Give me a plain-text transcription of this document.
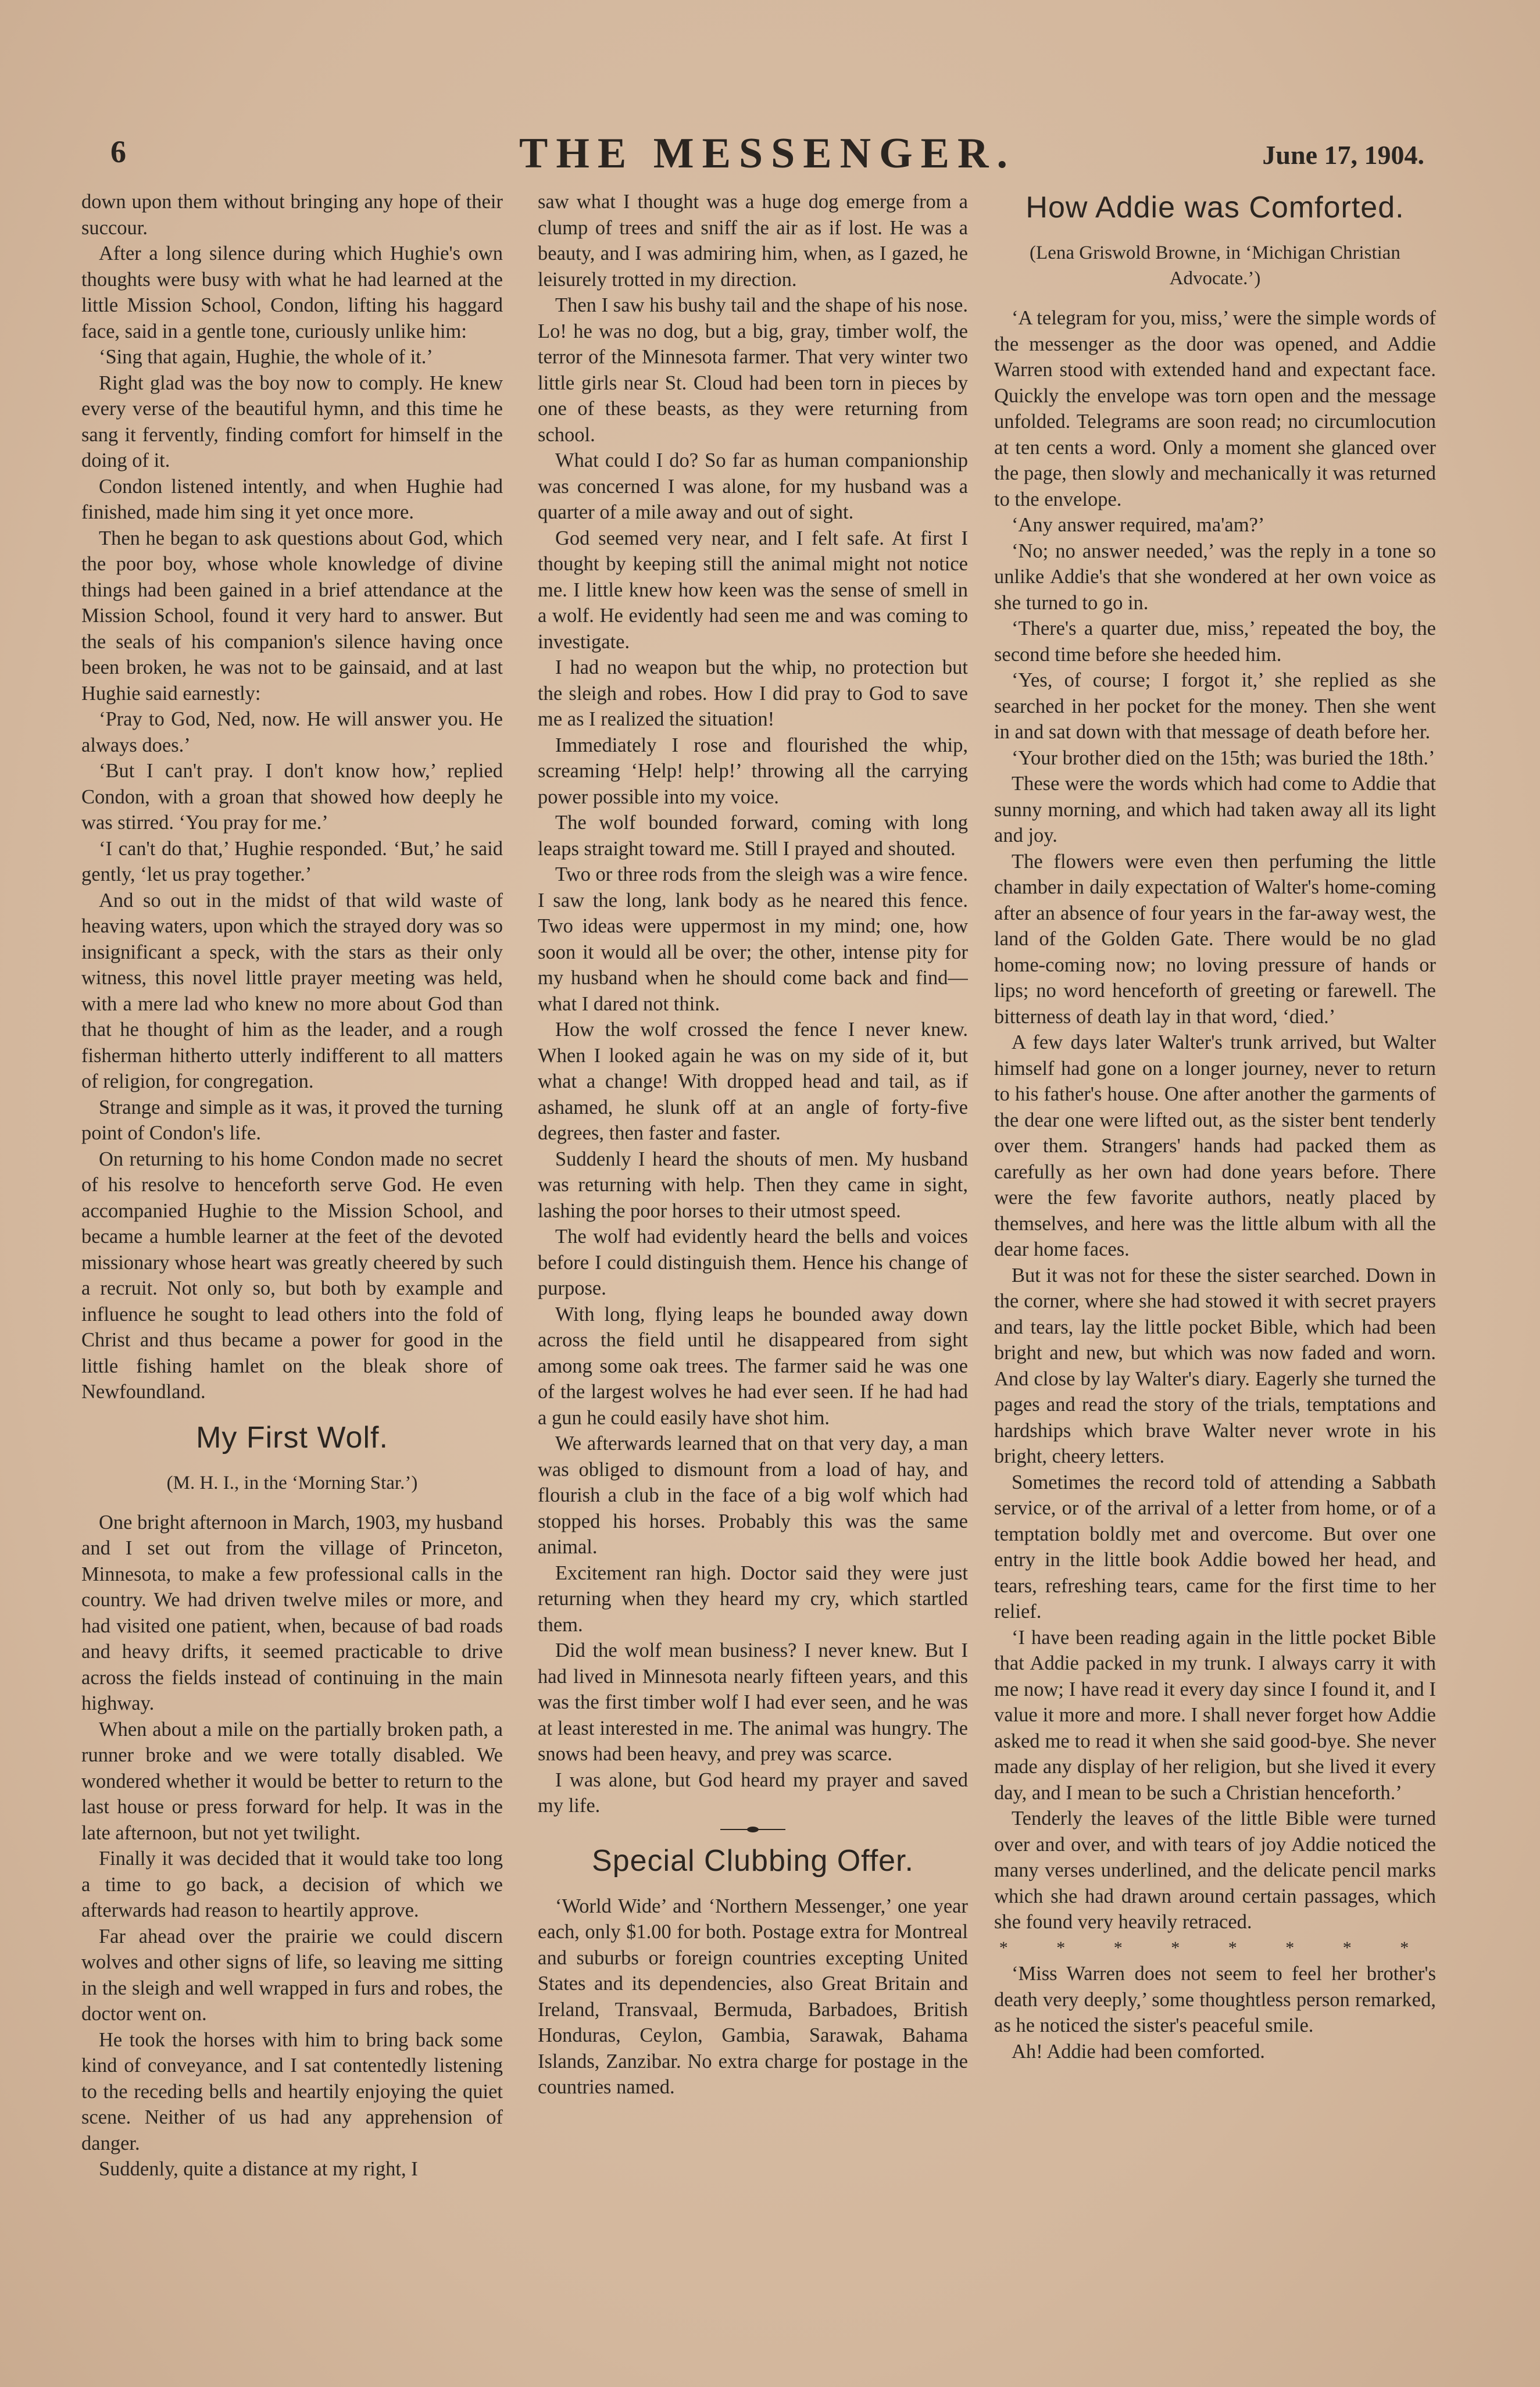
6	THE MESSENGER.	June 17, 1904.

down upon them without bringing any hope of their succour.

After a long silence during which Hughie's own thoughts were busy with what he had learned at the little Mission School, Condon, lifting his haggard face, said in a gentle tone, curiously unlike him:

‘Sing that again, Hughie, the whole of it.’

Right glad was the boy now to comply. He knew every verse of the beautiful hymn, and this time he sang it fervently, finding comfort for himself in the doing of it.

Condon listened intently, and when Hughie had finished, made him sing it yet once more.

Then he began to ask questions about God, which the poor boy, whose whole knowledge of divine things had been gained in a brief attendance at the Mission School, found it very hard to answer. But the seals of his companion's silence having once been broken, he was not to be gainsaid, and at last Hughie said earnestly:

‘Pray to God, Ned, now. He will answer you. He always does.’

‘But I can't pray. I don't know how,’ replied Condon, with a groan that showed how deeply he was stirred. ‘You pray for me.’

‘I can't do that,’ Hughie responded. ‘But,’ he said gently, ‘let us pray together.’

And so out in the midst of that wild waste of heaving waters, upon which the strayed dory was so insignificant a speck, with the stars as their only witness, this novel little prayer meeting was held, with a mere lad who knew no more about God than that he thought of him as the leader, and a rough fisherman hitherto utterly indifferent to all matters of religion, for congregation.

Strange and simple as it was, it proved the turning point of Condon's life.

On returning to his home Condon made no secret of his resolve to henceforth serve God. He even accompanied Hughie to the Mission School, and became a humble learner at the feet of the devoted missionary whose heart was greatly cheered by such a recruit. Not only so, but both by example and influence he sought to lead others into the fold of Christ and thus became a power for good in the little fishing hamlet on the bleak shore of Newfoundland.

My First Wolf.
(M. H. I., in the ‘Morning Star.’)

One bright afternoon in March, 1903, my husband and I set out from the village of Princeton, Minnesota, to make a few professional calls in the country. We had driven twelve miles or more, and had visited one patient, when, because of bad roads and heavy drifts, it seemed practicable to drive across the fields instead of continuing in the main highway.

When about a mile on the partially broken path, a runner broke and we were totally disabled. We wondered whether it would be better to return to the last house or press forward for help. It was in the late afternoon, but not yet twilight.

Finally it was decided that it would take too long a time to go back, a decision of which we afterwards had reason to heartily approve.

Far ahead over the prairie we could discern wolves and other signs of life, so leaving me sitting in the sleigh and well wrapped in furs and robes, the doctor went on.

He took the horses with him to bring back some kind of conveyance, and I sat contentedly listening to the receding bells and heartily enjoying the quiet scene. Neither of us had any apprehension of danger.

Suddenly, quite a distance at my right, I

saw what I thought was a huge dog emerge from a clump of trees and sniff the air as if lost. He was a beauty, and I was admiring him, when, as I gazed, he leisurely trotted in my direction.

Then I saw his bushy tail and the shape of his nose. Lo! he was no dog, but a big, gray, timber wolf, the terror of the Minnesota farmer. That very winter two little girls near St. Cloud had been torn in pieces by one of these beasts, as they were returning from school.

What could I do? So far as human companionship was concerned I was alone, for my husband was a quarter of a mile away and out of sight.

God seemed very near, and I felt safe. At first I thought by keeping still the animal might not notice me. I little knew how keen was the sense of smell in a wolf. He evidently had seen me and was coming to investigate.

I had no weapon but the whip, no protection but the sleigh and robes. How I did pray to God to save me as I realized the situation!

Immediately I rose and flourished the whip, screaming ‘Help! help!’ throwing all the carrying power possible into my voice.

The wolf bounded forward, coming with long leaps straight toward me. Still I prayed and shouted.

Two or three rods from the sleigh was a wire fence. I saw the long, lank body as he neared this fence. Two ideas were uppermost in my mind; one, how soon it would all be over; the other, intense pity for my husband when he should come back and find—what I dared not think.

How the wolf crossed the fence I never knew. When I looked again he was on my side of it, but what a change! With dropped head and tail, as if ashamed, he slunk off at an angle of forty-five degrees, then faster and faster.

Suddenly I heard the shouts of men. My husband was returning with help. Then they came in sight, lashing the poor horses to their utmost speed.

The wolf had evidently heard the bells and voices before I could distinguish them. Hence his change of purpose.

With long, flying leaps he bounded away down across the field until he disappeared from sight among some oak trees. The farmer said he was one of the largest wolves he had ever seen. If he had had a gun he could easily have shot him.

We afterwards learned that on that very day, a man was obliged to dismount from a load of hay, and flourish a club in the face of a big wolf which had stopped his horses. Probably this was the same animal.

Excitement ran high. Doctor said they were just returning when they heard my cry, which startled them.

Did the wolf mean business? I never knew. But I had lived in Minnesota nearly fifteen years, and this was the first timber wolf I had ever seen, and he was at least interested in me. The animal was hungry. The snows had been heavy, and prey was scarce.

I was alone, but God heard my prayer and saved my life.

Special Clubbing Offer.

‘World Wide’ and ‘Northern Messenger,’ one year each, only $1.00 for both. Postage extra for Montreal and suburbs or foreign countries excepting United States and its dependencies, also Great Britain and Ireland, Transvaal, Bermuda, Barbadoes, British Honduras, Ceylon, Gambia, Sarawak, Bahama Islands, Zanzibar. No extra charge for postage in the countries named.

How Addie was Comforted.
(Lena Griswold Browne, in ‘Michigan Christian Advocate.’)

‘A telegram for you, miss,’ were the simple words of the messenger as the door was opened, and Addie Warren stood with extended hand and expectant face. Quickly the envelope was torn open and the message unfolded. Telegrams are soon read; no circumlocution at ten cents a word. Only a moment she glanced over the page, then slowly and mechanically it was returned to the envelope.

‘Any answer required, ma'am?’

‘No; no answer needed,’ was the reply in a tone so unlike Addie's that she wondered at her own voice as she turned to go in.

‘There's a quarter due, miss,’ repeated the boy, the second time before she heeded him.

‘Yes, of course; I forgot it,’ she replied as she searched in her pocket for the money. Then she went in and sat down with that message of death before her.

‘Your brother died on the 15th; was buried the 18th.’

These were the words which had come to Addie that sunny morning, and which had taken away all its light and joy.

The flowers were even then perfuming the little chamber in daily expectation of Walter's home-coming after an absence of four years in the far-away west, the land of the Golden Gate. There would be no glad home-coming now; no loving pressure of hands or lips; no word henceforth of greeting or farewell. The bitterness of death lay in that word, ‘died.’

A few days later Walter's trunk arrived, but Walter himself had gone on a longer journey, never to return to his father's house. One after another the garments of the dear one were lifted out, as the sister bent tenderly over them. Strangers' hands had packed them as carefully as her own had done years before. There were the few favorite authors, neatly placed by themselves, and here was the little album with all the dear home faces.

But it was not for these the sister searched. Down in the corner, where she had stowed it with secret prayers and tears, lay the little pocket Bible, which had been bright and new, but which was now faded and worn. And close by lay Walter's diary. Eagerly she turned the pages and read the story of the trials, temptations and hardships which brave Walter never wrote in his bright, cheery letters.

Sometimes the record told of attending a Sabbath service, or of the arrival of a letter from home, or of a temptation boldly met and overcome. But over one entry in the little book Addie bowed her head, and tears, refreshing tears, came for the first time to her relief.

‘I have been reading again in the little pocket Bible that Addie packed in my trunk. I always carry it with me now; I have read it every day since I found it, and I value it more and more. I shall never forget how Addie asked me to read it when she said good-bye. She never made any display of her religion, but she lived it every day, and I mean to be such a Christian henceforth.’

Tenderly the leaves of the little Bible were turned over and over, and with tears of joy Addie noticed the many verses underlined, and the delicate pencil marks which she had drawn around certain passages, which she found very heavily retraced.

* * * * * * * *

‘Miss Warren does not seem to feel her brother's death very deeply,’ some thoughtless person remarked, as he noticed the sister's peaceful smile.

Ah! Addie had been comforted.
